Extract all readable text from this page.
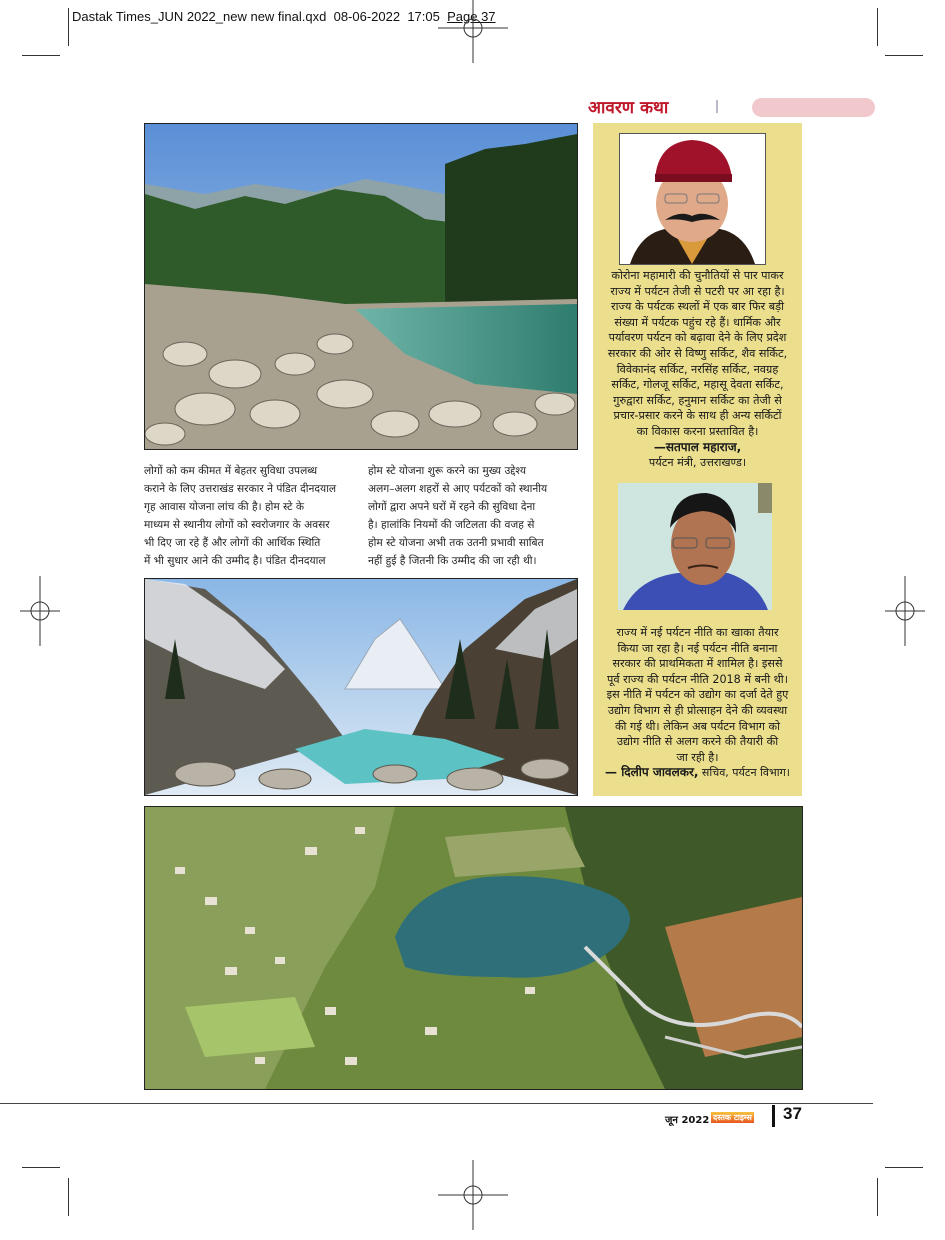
Dastak Times_JUN 2022_new new final.qxd 08-06-2022 17:05 Page 37
आवरण कथा
लोगों को कम कीमत में बेहतर सुविधा उपलब्ध
कराने के लिए उत्तराखंड सरकार ने पंडित दीनदयाल
गृह आवास योजना लांच की है। होम स्टे के
माध्यम से स्थानीय लोगों को स्वरोजगार के अवसर
भी दिए जा रहे हैं और लोगों की आर्थिक स्थिति
में भी सुधार आने की उम्मीद है। पंडित दीनदयाल
होम स्टे योजना शुरू करने का मुख्य उद्देश्य
अलग–अलग शहरों से आए पर्यटकों को स्थानीय
लोगों द्वारा अपने घरों में रहने की सुविधा देना
है। हालांकि नियमों की जटिलता की वजह से
होम स्टे योजना अभी तक उतनी प्रभावी साबित
नहीं हुई है जितनी कि उम्मीद की जा रही थी।
कोरोना महामारी की चुनौतियों से पार पाकर
राज्य में पर्यटन तेजी से पटरी पर आ रहा है।
राज्य के पर्यटक स्थलों में एक बार फिर बड़ी
संख्या में पर्यटक पहुंच रहे हैं। धार्मिक और
पर्यावरण पर्यटन को बढ़ावा देने के लिए प्रदेश
सरकार की ओर से विष्णु सर्किट, शैव सर्किट,
विवेकानंद सर्किट, नरसिंह सर्किट, नवग्रह
सर्किट, गोलजू सर्किट, महासू देवता सर्किट,
गुरुद्वारा सर्किट, हनुमान सर्किट का तेजी से
प्रचार-प्रसार करने के साथ ही अन्य सर्किटों
का विकास करना प्रस्तावित है।
—सतपाल महाराज,
पर्यटन मंत्री, उत्तराखण्ड।
राज्य में नई पर्यटन नीति का खाका तैयार
किया जा रहा है। नई पर्यटन नीति बनाना
सरकार की प्राथमिकता में शामिल है। इससे
पूर्व राज्य की पर्यटन नीति 2018 में बनी थी।
इस नीति में पर्यटन को उद्योग का दर्जा देते हुए
उद्योग विभाग से ही प्रोत्साहन देने की व्यवस्था
की गई थी। लेकिन अब पर्यटन विभाग को
उद्योग नीति से अलग करने की तैयारी की
जा रही है।
— दिलीप जावलकर, सचिव, पर्यटन विभाग।
जून 2022 दस्तक टाइम्स 37
